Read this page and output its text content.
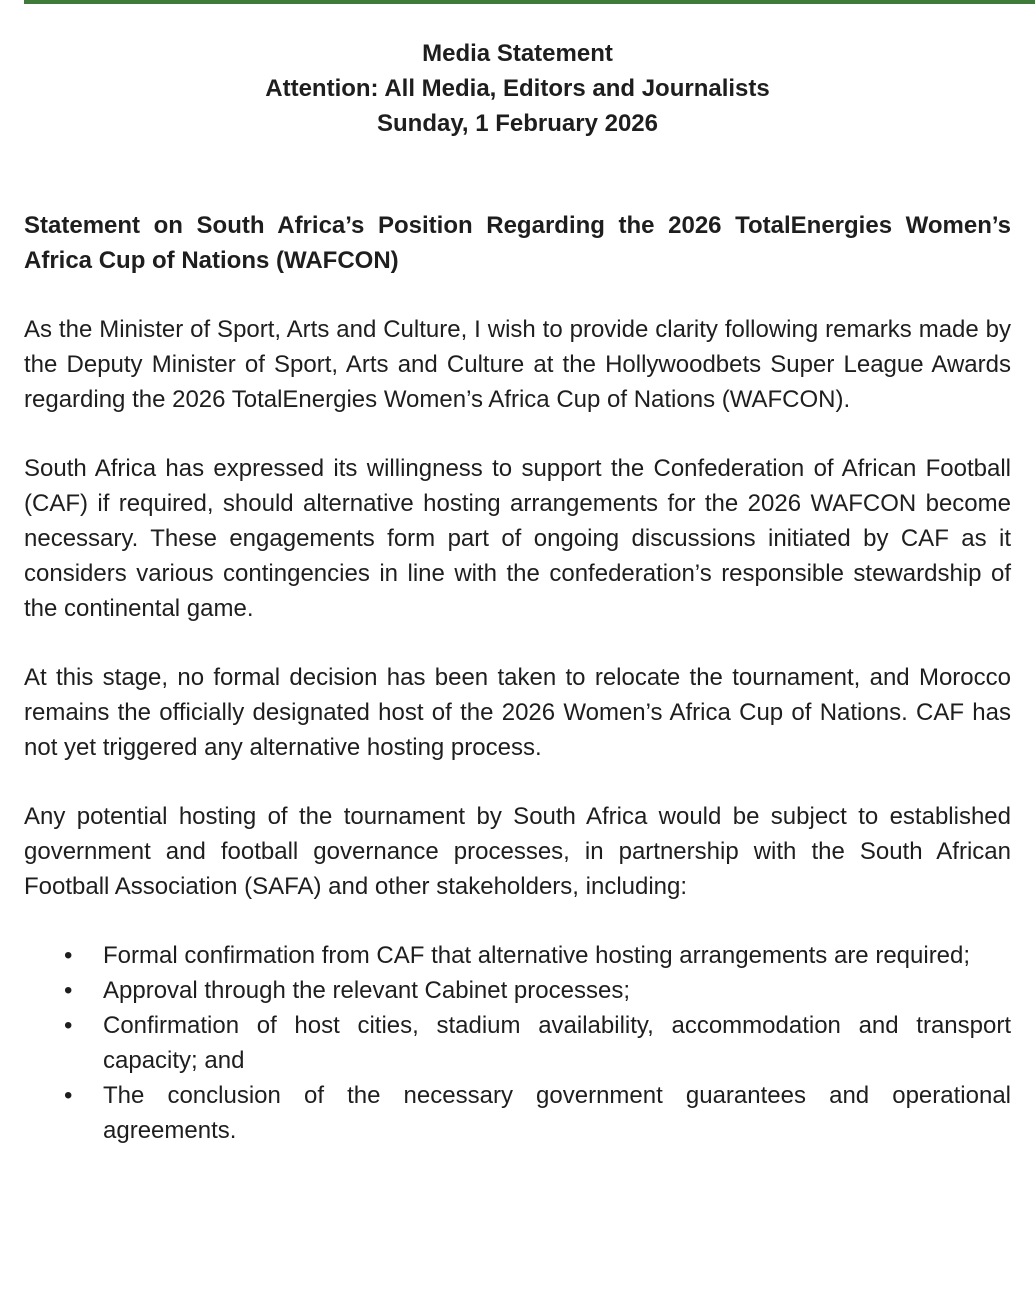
Media Statement
Attention: All Media, Editors and Journalists
Sunday, 1 February 2026
Statement on South Africa’s Position Regarding the 2026 TotalEnergies Women’s Africa Cup of Nations (WAFCON)

As the Minister of Sport, Arts and Culture, I wish to provide clarity following remarks made by the Deputy Minister of Sport, Arts and Culture at the Hollywoodbets Super League Awards regarding the 2026 TotalEnergies Women’s Africa Cup of Nations (WAFCON).

South Africa has expressed its willingness to support the Confederation of African Football (CAF) if required, should alternative hosting arrangements for the 2026 WAFCON become necessary. These engagements form part of ongoing discussions initiated by CAF as it considers various contingencies in line with the confederation’s responsible stewardship of the continental game.

At this stage, no formal decision has been taken to relocate the tournament, and Morocco remains the officially designated host of the 2026 Women’s Africa Cup of Nations. CAF has not yet triggered any alternative hosting process.

Any potential hosting of the tournament by South Africa would be subject to established government and football governance processes, in partnership with the South African Football Association (SAFA) and other stakeholders, including:

• Formal confirmation from CAF that alternative hosting arrangements are required;
• Approval through the relevant Cabinet processes;
• Confirmation of host cities, stadium availability, accommodation and transport capacity; and
• The conclusion of the necessary government guarantees and operational agreements.
